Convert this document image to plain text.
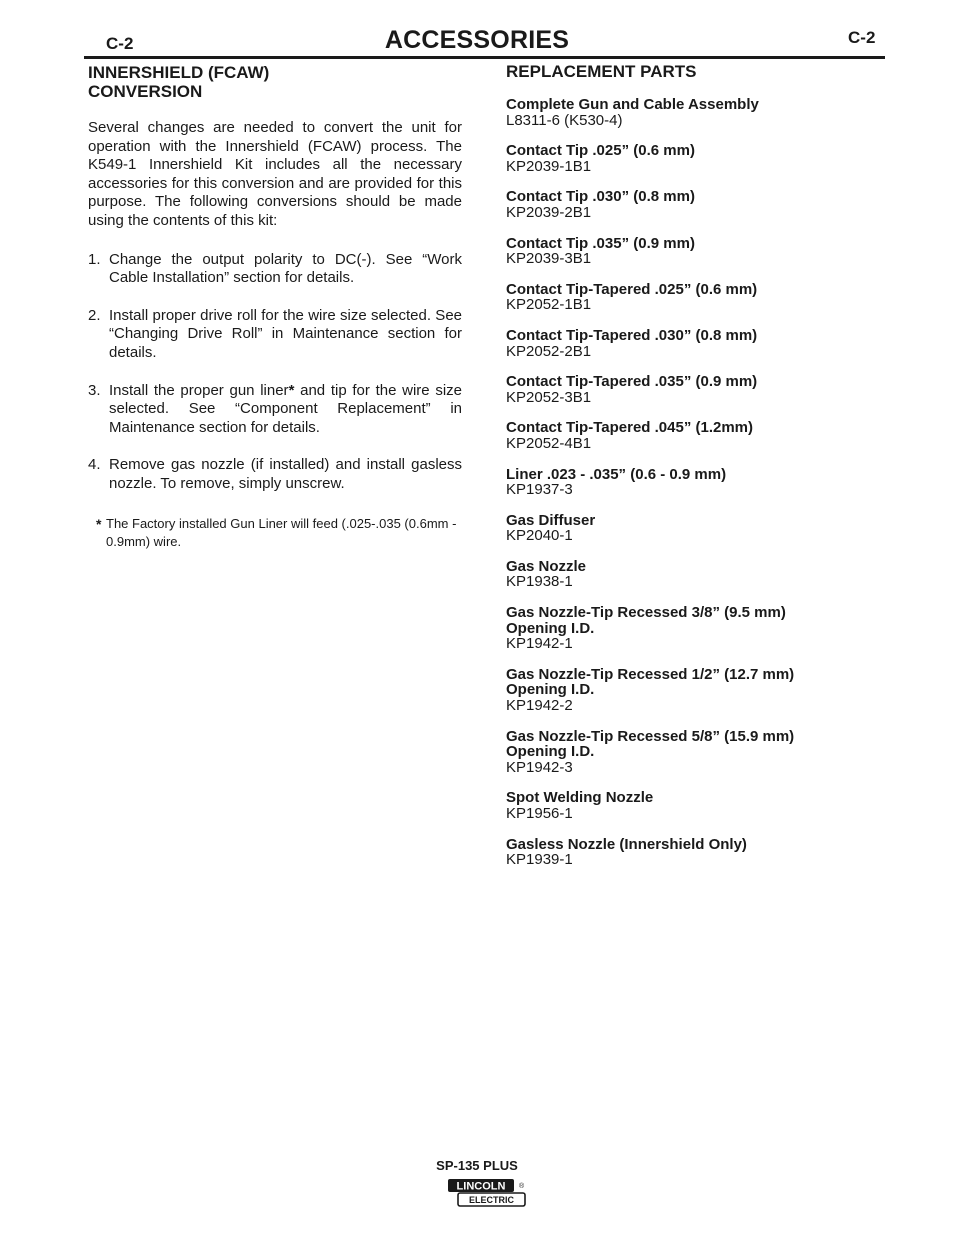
C-2	ACCESSORIES	C-2
INNERSHIELD (FCAW)
CONVERSION

Several changes are needed to convert the unit for operation with the Innershield (FCAW) process. The K549-1 Innershield Kit includes all the necessary accessories for this conversion and are provided for this purpose. The following conversions should be made using the contents of this kit:

1. Change the output polarity to DC(-). See “Work Cable Installation” section for details.
2. Install proper drive roll for the wire size selected. See “Changing Drive Roll” in Maintenance section for details.
3. Install the proper gun liner* and tip for the wire size selected. See “Component Replacement” in Maintenance section for details.
4. Remove gas nozzle (if installed) and install gasless nozzle. To remove, simply unscrew.
* The Factory installed Gun Liner will feed (.025-.035 (0.6mm - 0.9mm) wire.
REPLACEMENT PARTS
Complete Gun and Cable Assembly
L8311-6 (K530-4)
Contact Tip .025” (0.6 mm)
KP2039-1B1
Contact Tip .030” (0.8 mm)
KP2039-2B1
Contact Tip .035” (0.9 mm)
KP2039-3B1
Contact Tip-Tapered .025” (0.6 mm)
KP2052-1B1
Contact Tip-Tapered .030” (0.8 mm)
KP2052-2B1
Contact Tip-Tapered .035” (0.9 mm)
KP2052-3B1
Contact Tip-Tapered .045” (1.2mm)
KP2052-4B1
Liner .023 - .035” (0.6 - 0.9 mm)
KP1937-3
Gas Diffuser
KP2040-1
Gas Nozzle
KP1938-1
Gas Nozzle-Tip Recessed 3/8” (9.5 mm)
Opening I.D.
KP1942-1
Gas Nozzle-Tip Recessed 1/2” (12.7 mm)
Opening I.D.
KP1942-2
Gas Nozzle-Tip Recessed 5/8” (15.9 mm)
Opening I.D.
KP1942-3
Spot Welding Nozzle
KP1956-1
Gasless Nozzle (Innershield Only)
KP1939-1
SP-135 PLUS
LINCOLN ®
ELECTRIC
